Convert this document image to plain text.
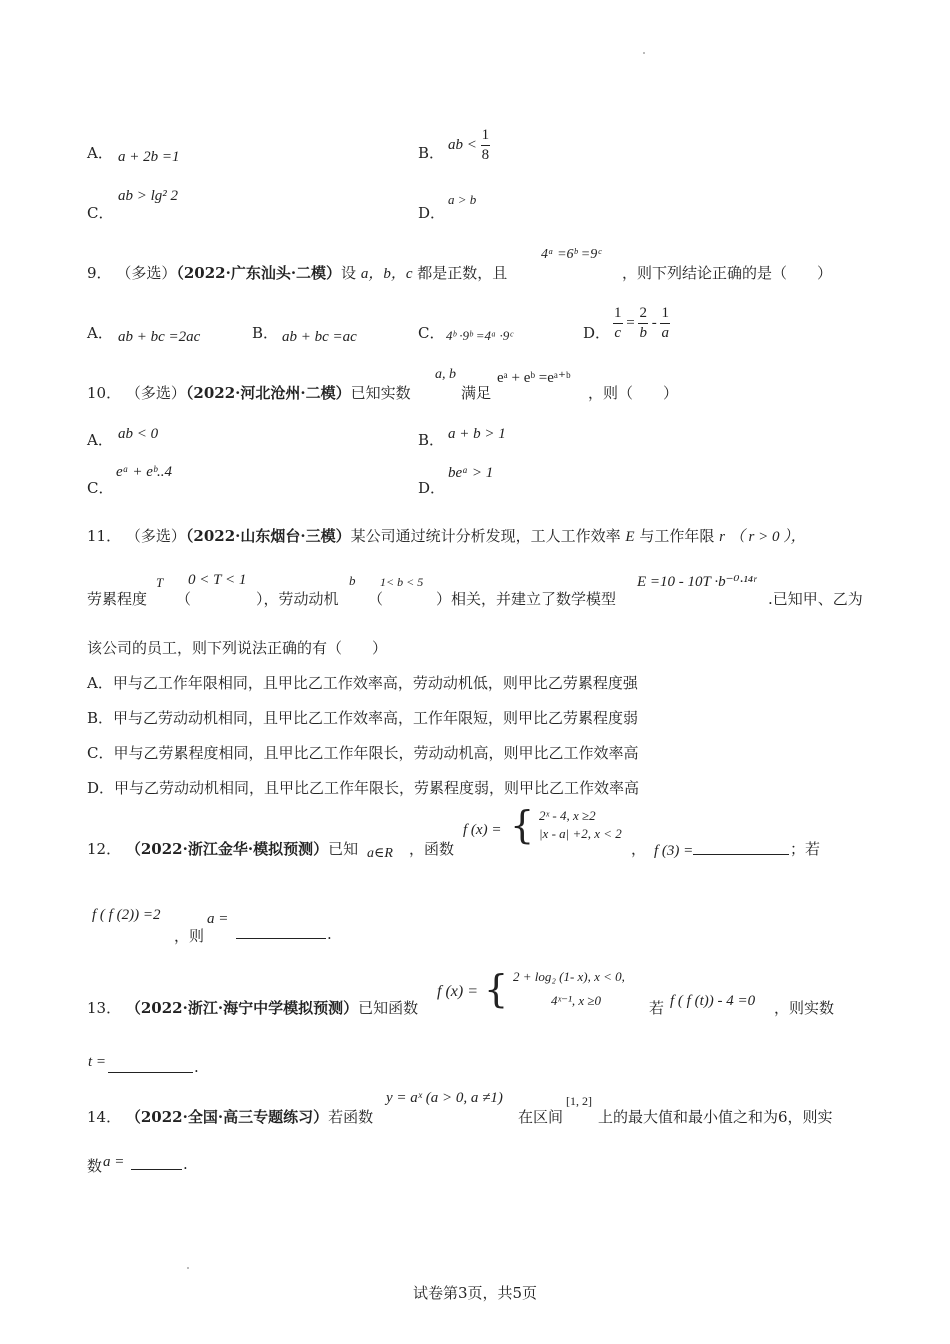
A． a + 2b =1	B． ab < $\frac{1}{8}$
C．
ab > lg² 2
D．
a > b
9． （多选）（2022·广东汕头·二模）设 a，b，c 都是正数，且
4ᵃ =6ᵇ =9ᶜ
，则下列结论正确的是（　　）
A． ab + bc =2ac	B． ab + bc =ac	C． 4ᵇ ·9ᵇ =4ᵃ ·9ᶜ	D． $\frac{1}{c} = \frac{2}{b} - \frac{1}{a}$
10． （多选）（2022·河北沧州·二模）已知实数
a, b
满足
eᵃ + eᵇ =eᵃ⁺ᵇ
，则（　　）
A． ab < 0	B． a + b > 1
C．
eᵃ + eᵇ..4
D．
beᵃ > 1
11． （多选）（2022·山东烟台·三模）某公司通过统计分析发现，工人工作效率 E 与工作年限 r （ r > 0 ），
劳累程度
T
（
0 < T < 1
），劳动动机
b
（
1< b < 5
）相关，并建立了数学模型
E =10 - 10T ·b⁻⁰·¹⁴ʳ
.已知甲、乙为
该公司的员工，则下列说法正确的有（　　）
A．甲与乙工作年限相同，且甲比乙工作效率高，劳动动机低，则甲比乙劳累程度强
B．甲与乙劳动动机相同，且甲比乙工作效率高，工作年限短，则甲比乙劳累程度弱
C．甲与乙劳累程度相同，且甲比乙工作年限长，劳动动机高，则甲比乙工作效率高
D．甲与乙劳动动机相同，且甲比乙工作年限长，劳累程度弱，则甲比乙工作效率高
12． （2022·浙江金华·模拟预测）已知 a∈R ，函数
f (x) = { 2ˣ - 4, x ≥2
|x - a| +2, x < 2
， f (3) =	；若
f ( f (2)) =2
，则
a =
.
13． （2022·浙江·海宁中学模拟预测）已知函数
f (x) = { 2 + log₂ (1- x), x < 0,
4ˣ⁻¹, x ≥0	若 f ( f (t)) - 4 =0 ，则实数
t =	.
14． （2022·全国·高三专题练习）若函数
y = aˣ (a > 0, a ≠1)
在区间
[1, 2]
上的最大值和最小值之和为6，则实
数 a =	.
试卷第3页，共5页
